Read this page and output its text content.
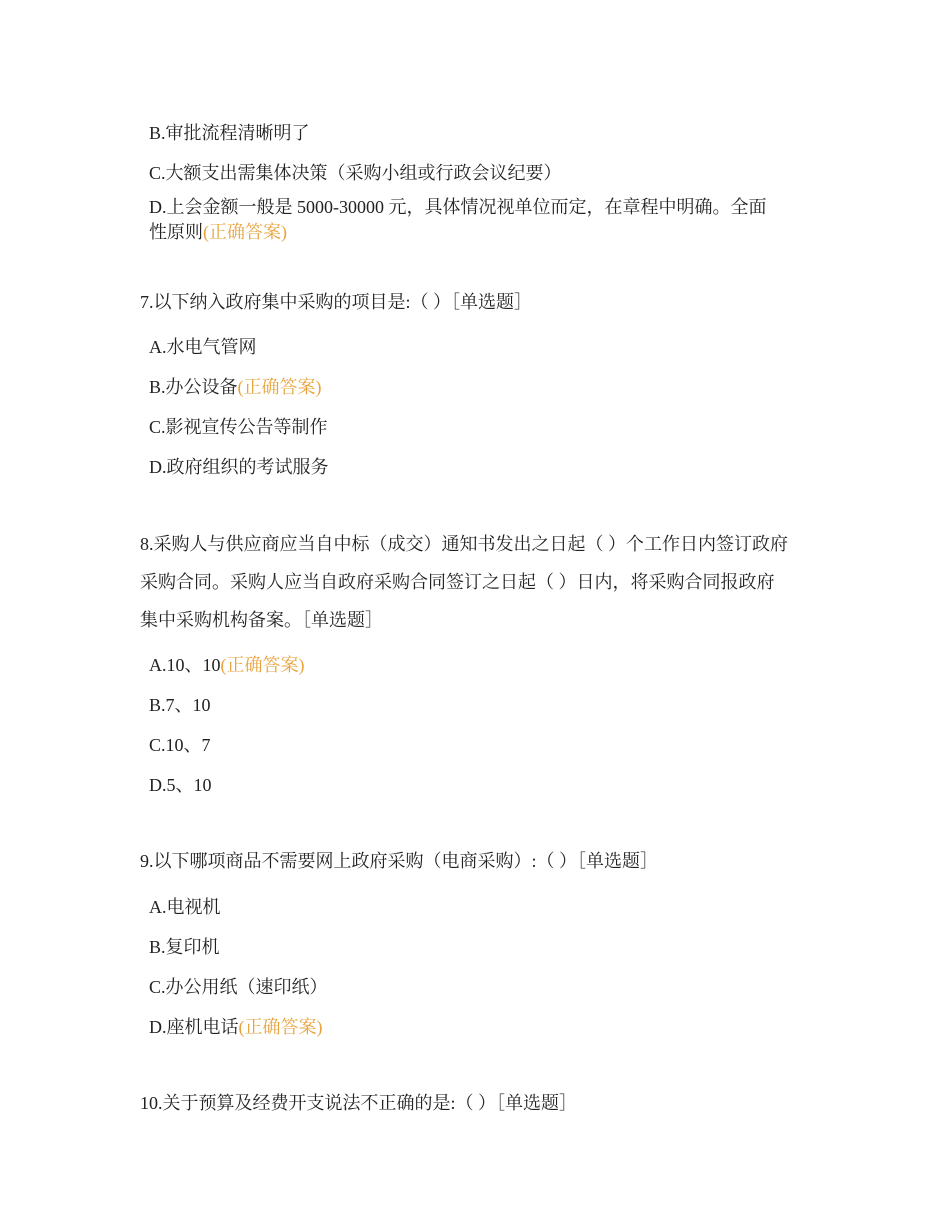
B.审批流程清晰明了
C.大额支出需集体决策（采购小组或行政会议纪要）
D.上会金额一般是 5000-30000 元，具体情况视单位而定，在章程中明确。全面
性原则(正确答案)
7.以下纳入政府集中采购的项目是:（ ）［单选题］
A.水电气管网
B.办公设备(正确答案)
C.影视宣传公告等制作
D.政府组织的考试服务
8.采购人与供应商应当自中标（成交）通知书发出之日起（ ）个工作日内签订政府
采购合同。采购人应当自政府采购合同签订之日起（ ）日内，将采购合同报政府
集中采购机构备案。［单选题］
A.10、10(正确答案)
B.7、10
C.10、7
D.5、10
9.以下哪项商品不需要网上政府采购（电商采购）:（ ）［单选题］
A.电视机
B.复印机
C.办公用纸（速印纸）
D.座机电话(正确答案)
10.关于预算及经费开支说法不正确的是:（ ）［单选题］
